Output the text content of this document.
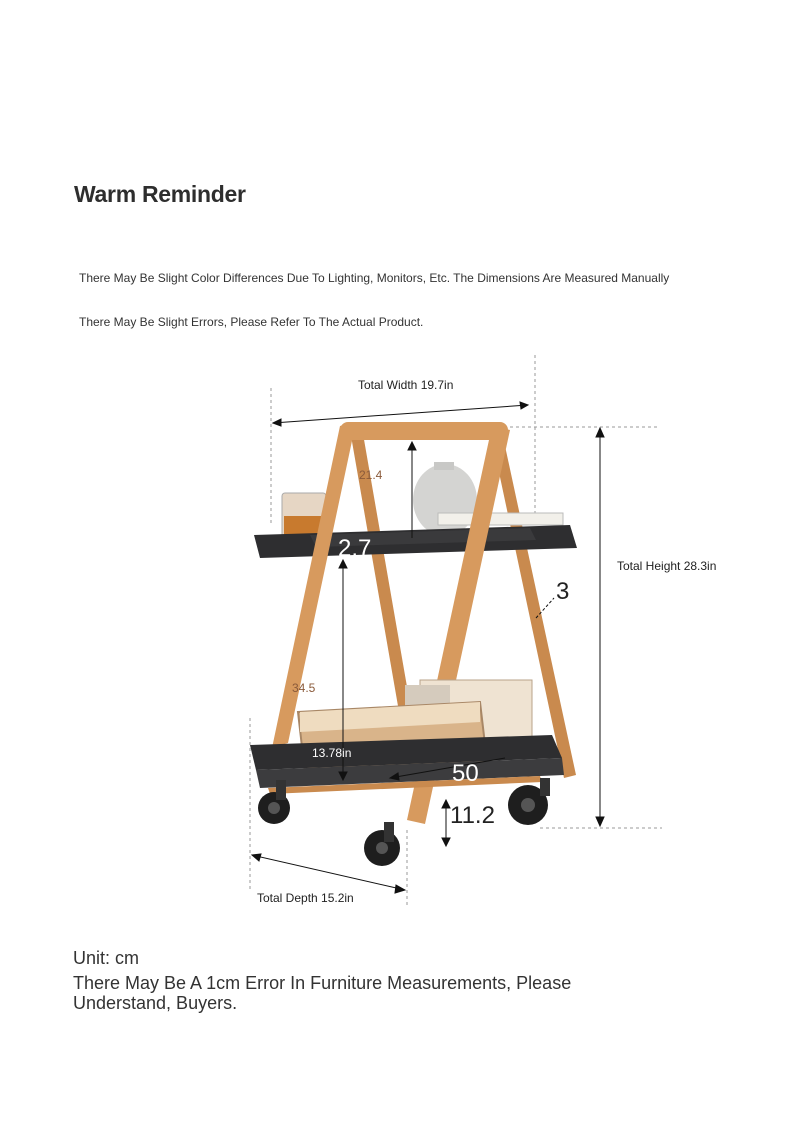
Warm Reminder
There May Be Slight Color Differences Due To Lighting, Monitors, Etc. The Dimensions Are Measured Manually
There May Be Slight Errors, Please Refer To The Actual Product.
Total Width 19.7in
Total Height 28.3in
Total Depth 15.2in
21.4
34.5
2.7
3
13.78in
50
11.2
Unit: cm
There May Be A 1cm Error In Furniture Measurements, Please Understand, Buyers.
